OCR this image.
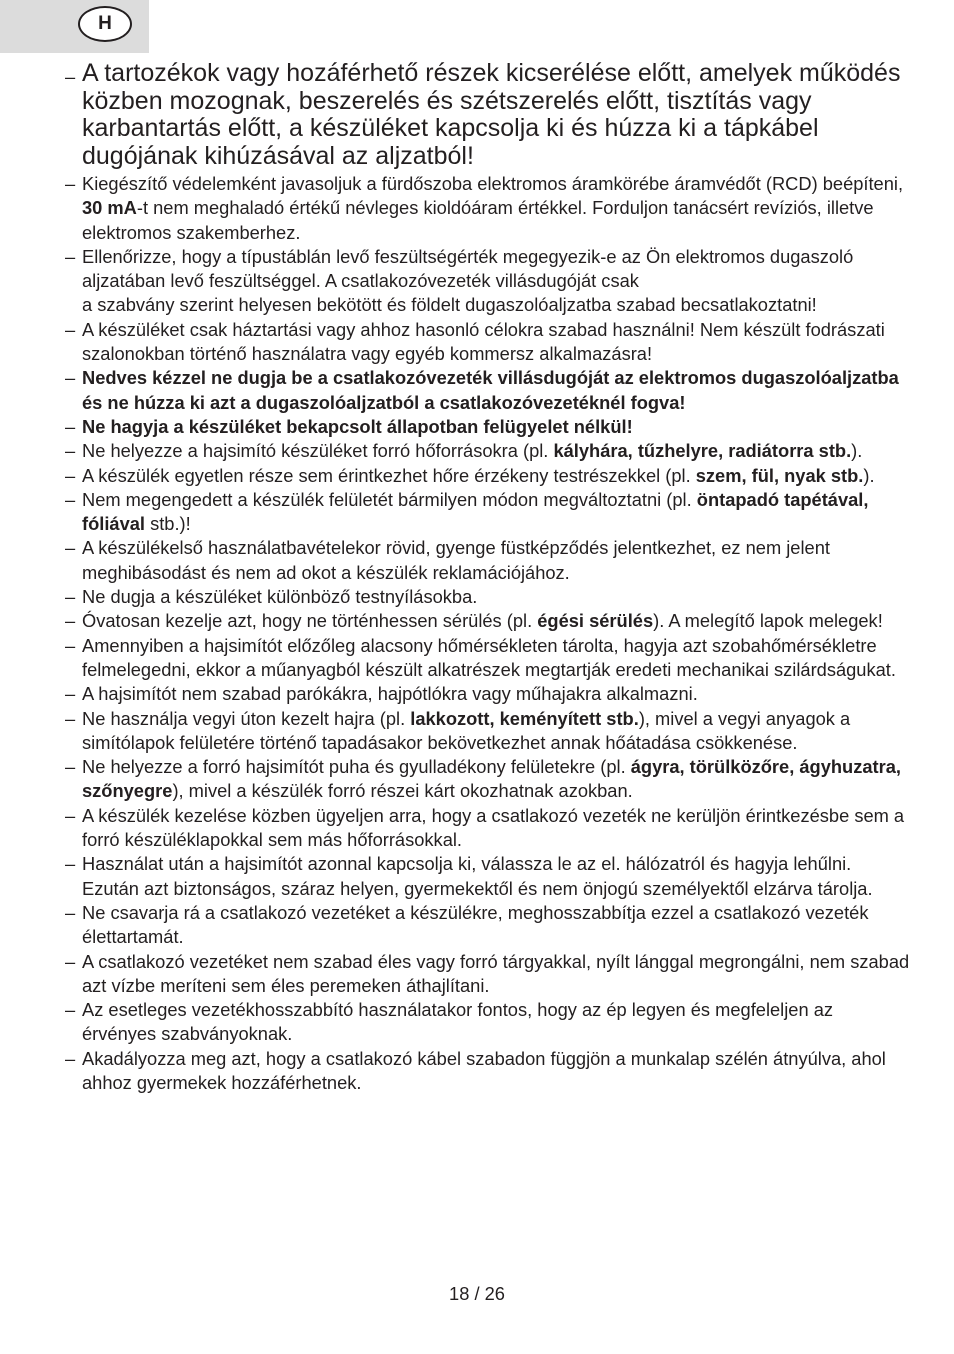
H
– A tartozékok vagy hozáférhető részek kicserélése előtt, amelyek működés közben mozognak, beszerelés és szétszerelés előtt, tisztítás vagy karbantartás előtt, a készüléket kapcsolja ki és húzza ki a tápkábel dugójának kihúzásával az aljzatból!
– Kiegészítő védelemként javasoljuk a fürdőszoba elektromos áramkörébe áramvédőt (RCD) beépíteni, 30 mA-t nem meghaladó értékű névleges kioldóáram értékkel. Forduljon tanácsért revíziós, illetve elektromos szakemberhez.
– Ellenőrizze, hogy a típustáblán levő feszültségérték megegyezik-e az Ön elektromos dugaszoló aljzatában levő feszültséggel. A csatlakozóvezeték villásdugóját csak
a szabvány szerint helyesen bekötött és földelt dugaszolóaljzatba szabad becsatlakoztatni!
– A készüléket csak háztartási vagy ahhoz hasonló célokra szabad használni! Nem készült fodrászati szalonokban történő használatra vagy egyéb kommersz alkalmazásra!
– Nedves kézzel ne dugja be a csatlakozóvezeték villásdugóját az elektromos dugaszolóaljzatba és ne húzza ki azt a dugaszolóaljzatból a csatlakozóvezetéknél fogva!
– Ne hagyja a készüléket bekapcsolt állapotban felügyelet nélkül!
– Ne helyezze a hajsimító készüléket forró hőforrásokra (pl. kályhára, tűzhelyre, radiátorra stb.).
– A készülék egyetlen része sem érintkezhet hőre érzékeny testrészekkel (pl. szem, fül, nyak stb.).
– Nem megengedett a készülék felületét bármilyen módon megváltoztatni (pl. öntapadó tapétával, fóliával stb.)!
– A készülékelső használatbavételekor rövid, gyenge füstképződés jelentkezhet, ez nem jelent meghibásodást és nem ad okot a készülék reklamációjához.
– Ne dugja a készüléket különböző testnyílásokba.
– Óvatosan kezelje azt, hogy ne történhessen sérülés (pl. égési sérülés). A melegítő lapok melegek!
– Amennyiben a hajsimítót előzőleg alacsony hőmérsékleten tárolta, hagyja azt szobahőmérsékletre felmelegedni, ekkor a műanyagból készült alkatrészek megtartják eredeti mechanikai szilárdságukat.
– A hajsimítót nem szabad parókákra, hajpótlókra vagy műhajakra alkalmazni.
– Ne használja vegyi úton kezelt hajra (pl. lakkozott, keményített stb.), mivel a vegyi anyagok a simítólapok felületére történő tapadásakor bekövetkezhet annak hőátadása csökkenése.
– Ne helyezze a forró hajsimítót puha és gyulladékony felületekre (pl. ágyra, törülközőre, ágyhuzatra, szőnyegre), mivel a készülék forró részei kárt okozhatnak azokban.
– A készülék kezelése közben ügyeljen arra, hogy a csatlakozó vezeték ne kerüljön érintkezésbe sem a forró készüléklapokkal sem más hőforrásokkal.
– Használat után a hajsimítót azonnal kapcsolja ki, válassza le az el. hálózatról és hagyja lehűlni. Ezután azt biztonságos, száraz helyen, gyermekektől és nem önjogú személyektől elzárva tárolja.
– Ne csavarja rá a csatlakozó vezetéket a készülékre, meghosszabbítja ezzel a csatlakozó vezeték élettartamát.
– A csatlakozó vezetéket nem szabad éles vagy forró tárgyakkal, nyílt lánggal megrongálni, nem szabad azt vízbe meríteni sem éles peremeken áthajlítani.
– Az esetleges vezetékhosszabbító használatakor fontos, hogy az ép legyen és megfeleljen az érvényes szabványoknak.
– Akadályozza meg azt, hogy a csatlakozó kábel szabadon függjön a munkalap szélén átnyúlva, ahol ahhoz gyermekek hozzáférhetnek.
18 / 26
